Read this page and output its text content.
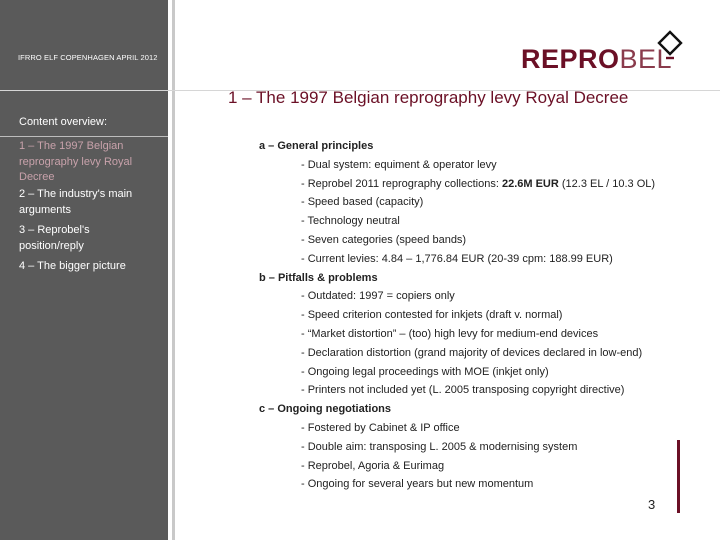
IFRRO ELF COPENHAGEN APRIL 2012	REPROBEL
1 – The 1997 Belgian reprography levy Royal Decree
Content overview:
1 – The 1997 Belgian reprography levy Royal Decree
2 – The industry's main arguments
3 – Reprobel's position/reply
4 – The bigger picture
a – General principles
- Dual system: equiment & operator levy
- Reprobel 2011 reprography collections: 22.6M EUR (12.3 EL / 10.3 OL)
- Speed based (capacity)
- Technology neutral
- Seven categories (speed bands)
- Current levies: 4.84 – 1,776.84 EUR (20-39 cpm: 188.99 EUR)
b – Pitfalls & problems
- Outdated: 1997 = copiers only
- Speed criterion contested for inkjets (draft v. normal)
- “Market distortion” – (too) high levy for medium-end devices
- Declaration distortion (grand majority of devices declared in low-end)
- Ongoing legal proceedings with MOE (inkjet only)
- Printers not included yet (L. 2005 transposing copyright directive)
c – Ongoing negotiations
- Fostered by Cabinet & IP office
- Double aim: transposing L. 2005 & modernising system
- Reprobel, Agoria & Eurimag
- Ongoing for several years but new momentum
3
